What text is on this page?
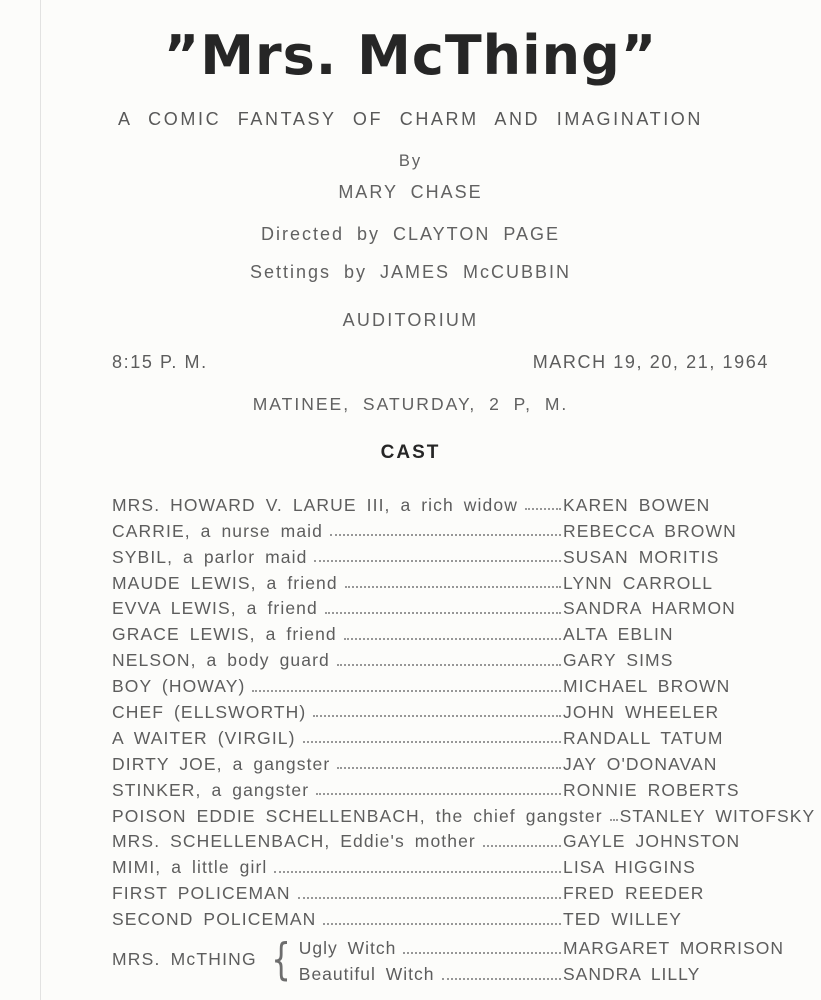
”Mrs. McThing”
A COMIC FANTASY OF CHARM AND IMAGINATION
By
MARY CHASE
Directed by CLAYTON PAGE
Settings by JAMES McCUBBIN
AUDITORIUM
8:15 P. M.	MARCH 19, 20, 21, 1964
MATINEE, SATURDAY, 2 P, M.
CAST
MRS. HOWARD V. LARUE III, a rich widow	KAREN BOWEN
CARRIE, a nurse maid	REBECCA BROWN
SYBIL, a parlor maid	SUSAN MORITIS
MAUDE LEWIS, a friend	LYNN CARROLL
EVVA LEWIS, a friend	SANDRA HARMON
GRACE LEWIS, a friend	ALTA EBLIN
NELSON, a body guard	GARY SIMS
BOY (HOWAY)	MICHAEL BROWN
CHEF (ELLSWORTH)	JOHN WHEELER
A WAITER (VIRGIL)	RANDALL TATUM
DIRTY JOE, a gangster	JAY O'DONAVAN
STINKER, a gangster	RONNIE ROBERTS
POISON EDDIE SCHELLENBACH, the chief gangster STANLEY WITOFSKY
MRS. SCHELLENBACH, Eddie's mother	GAYLE JOHNSTON
MIMI, a little girl	LISA HIGGINS
FIRST POLICEMAN	FRED REEDER
SECOND POLICEMAN	TED WILLEY
MRS. McTHING { Ugly Witch	MARGARET MORRISON
Beautiful Witch	SANDRA LILLY
